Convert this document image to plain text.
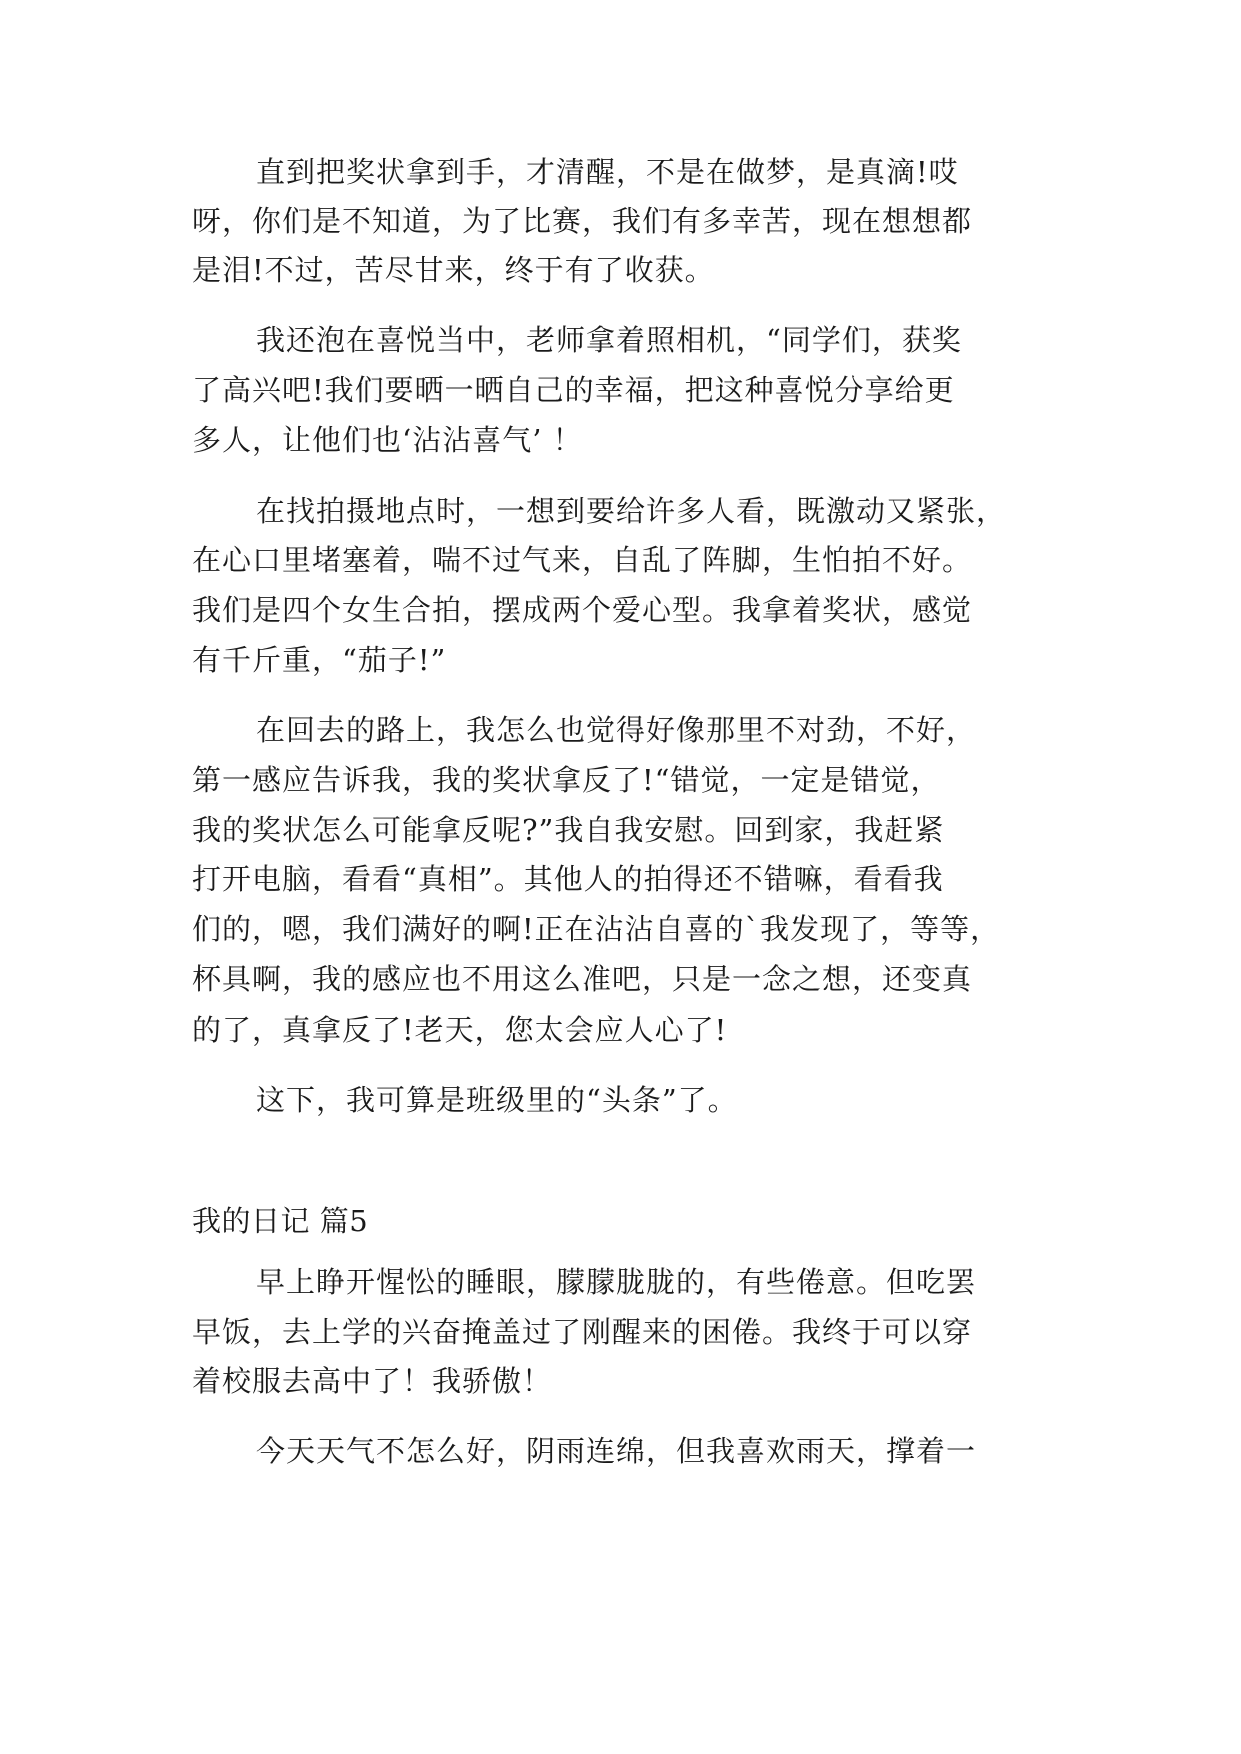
直到把奖状拿到手，才清醒，不是在做梦，是真滴!哎

呀，你们是不知道，为了比赛，我们有多幸苦，现在想想都

是泪!不过，苦尽甘来，终于有了收获。

我还泡在喜悦当中，老师拿着照相机，“同学们，获奖

了高兴吧!我们要晒一晒自己的幸福，把这种喜悦分享给更

多人，让他们也‘沾沾喜气’ ！

在找拍摄地点时，一想到要给许多人看，既激动又紧张，

在心口里堵塞着，喘不过气来，自乱了阵脚，生怕拍不好。

我们是四个女生合拍，摆成两个爱心型。我拿着奖状，感觉

有千斤重，“茄子!”

在回去的路上，我怎么也觉得好像那里不对劲，不好，

第一感应告诉我，我的奖状拿反了!“错觉，一定是错觉，

我的奖状怎么可能拿反呢?”我自我安慰。回到家，我赶紧

打开电脑，看看“真相”。其他人的拍得还不错嘛，看看我

们的，嗯，我们满好的啊!正在沾沾自喜的`我发现了，等等，

杯具啊，我的感应也不用这么准吧，只是一念之想，还变真

的了，真拿反了!老天，您太会应人心了!

这下，我可算是班级里的“头条”了。

我的日记 篇5

早上睁开惺忪的睡眼，朦朦胧胧的，有些倦意。但吃罢

早饭，去上学的兴奋掩盖过了刚醒来的困倦。我终于可以穿

着校服去高中了！我骄傲！

今天天气不怎么好，阴雨连绵，但我喜欢雨天，撑着一
